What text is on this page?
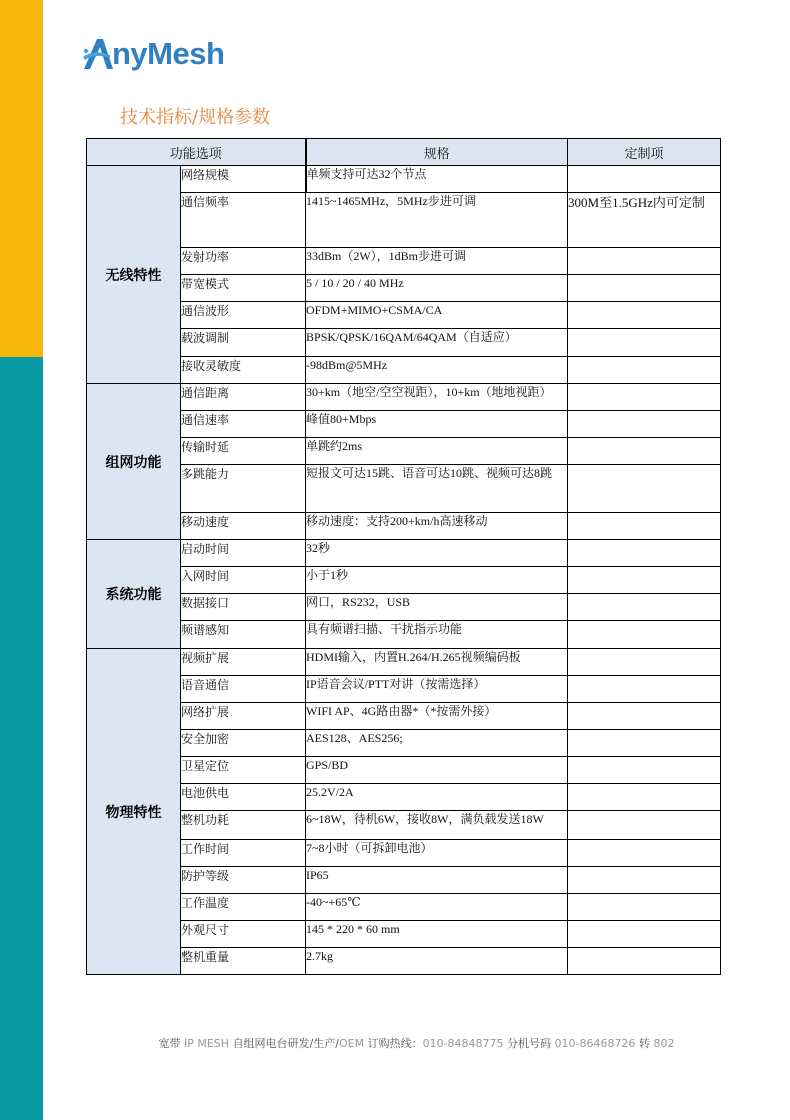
nyMesh
技术指标/规格参数
功能选项		规格	定制项
无线特性	网络规模	单频支持可达32个节点	
	通信频率	1415~1465MHz，5MHz步进可调	300M至1.5GHz内可定制
	发射功率	33dBm（2W），1dBm步进可调	
	带宽模式	5 / 10 / 20 / 40 MHz	
	通信波形	OFDM+MIMO+CSMA/CA	
	载波调制	BPSK/QPSK/16QAM/64QAM（自适应）	
	接收灵敏度	-98dBm@5MHz	
组网功能	通信距离	30+km（地空/空空视距），10+km（地地视距）	
	通信速率	峰值80+Mbps	
	传输时延	单跳约2ms	
	多跳能力	短报文可达15跳、语音可达10跳、视频可达8跳	
	移动速度	移动速度：支持200+km/h高速移动	
系统功能	启动时间	32秒	
	入网时间	小于1秒	
	数据接口	网口，RS232，USB	
	频谱感知	具有频谱扫描、干扰指示功能	
物理特性	视频扩展	HDMI输入，内置H.264/H.265视频编码板	
	语音通信	IP语音会议/PTT对讲（按需选择）	
	网络扩展	WIFI AP、4G路由器*（*按需外接）	
	安全加密	AES128、AES256;	
	卫星定位	GPS/BD	
	电池供电	25.2V/2A	
	整机功耗	6~18W，待机6W，接收8W，满负载发送18W	
	工作时间	7~8小时（可拆卸电池）	
	防护等级	IP65	
	工作温度	-40~+65℃	
	外观尺寸	145 * 220 * 60 mm	
	整机重量	2.7kg	
宽带 IP MESH 自组网电台研发/生产/OEM 订购热线：010-84848775 分机号码 010-86468726 转 802
